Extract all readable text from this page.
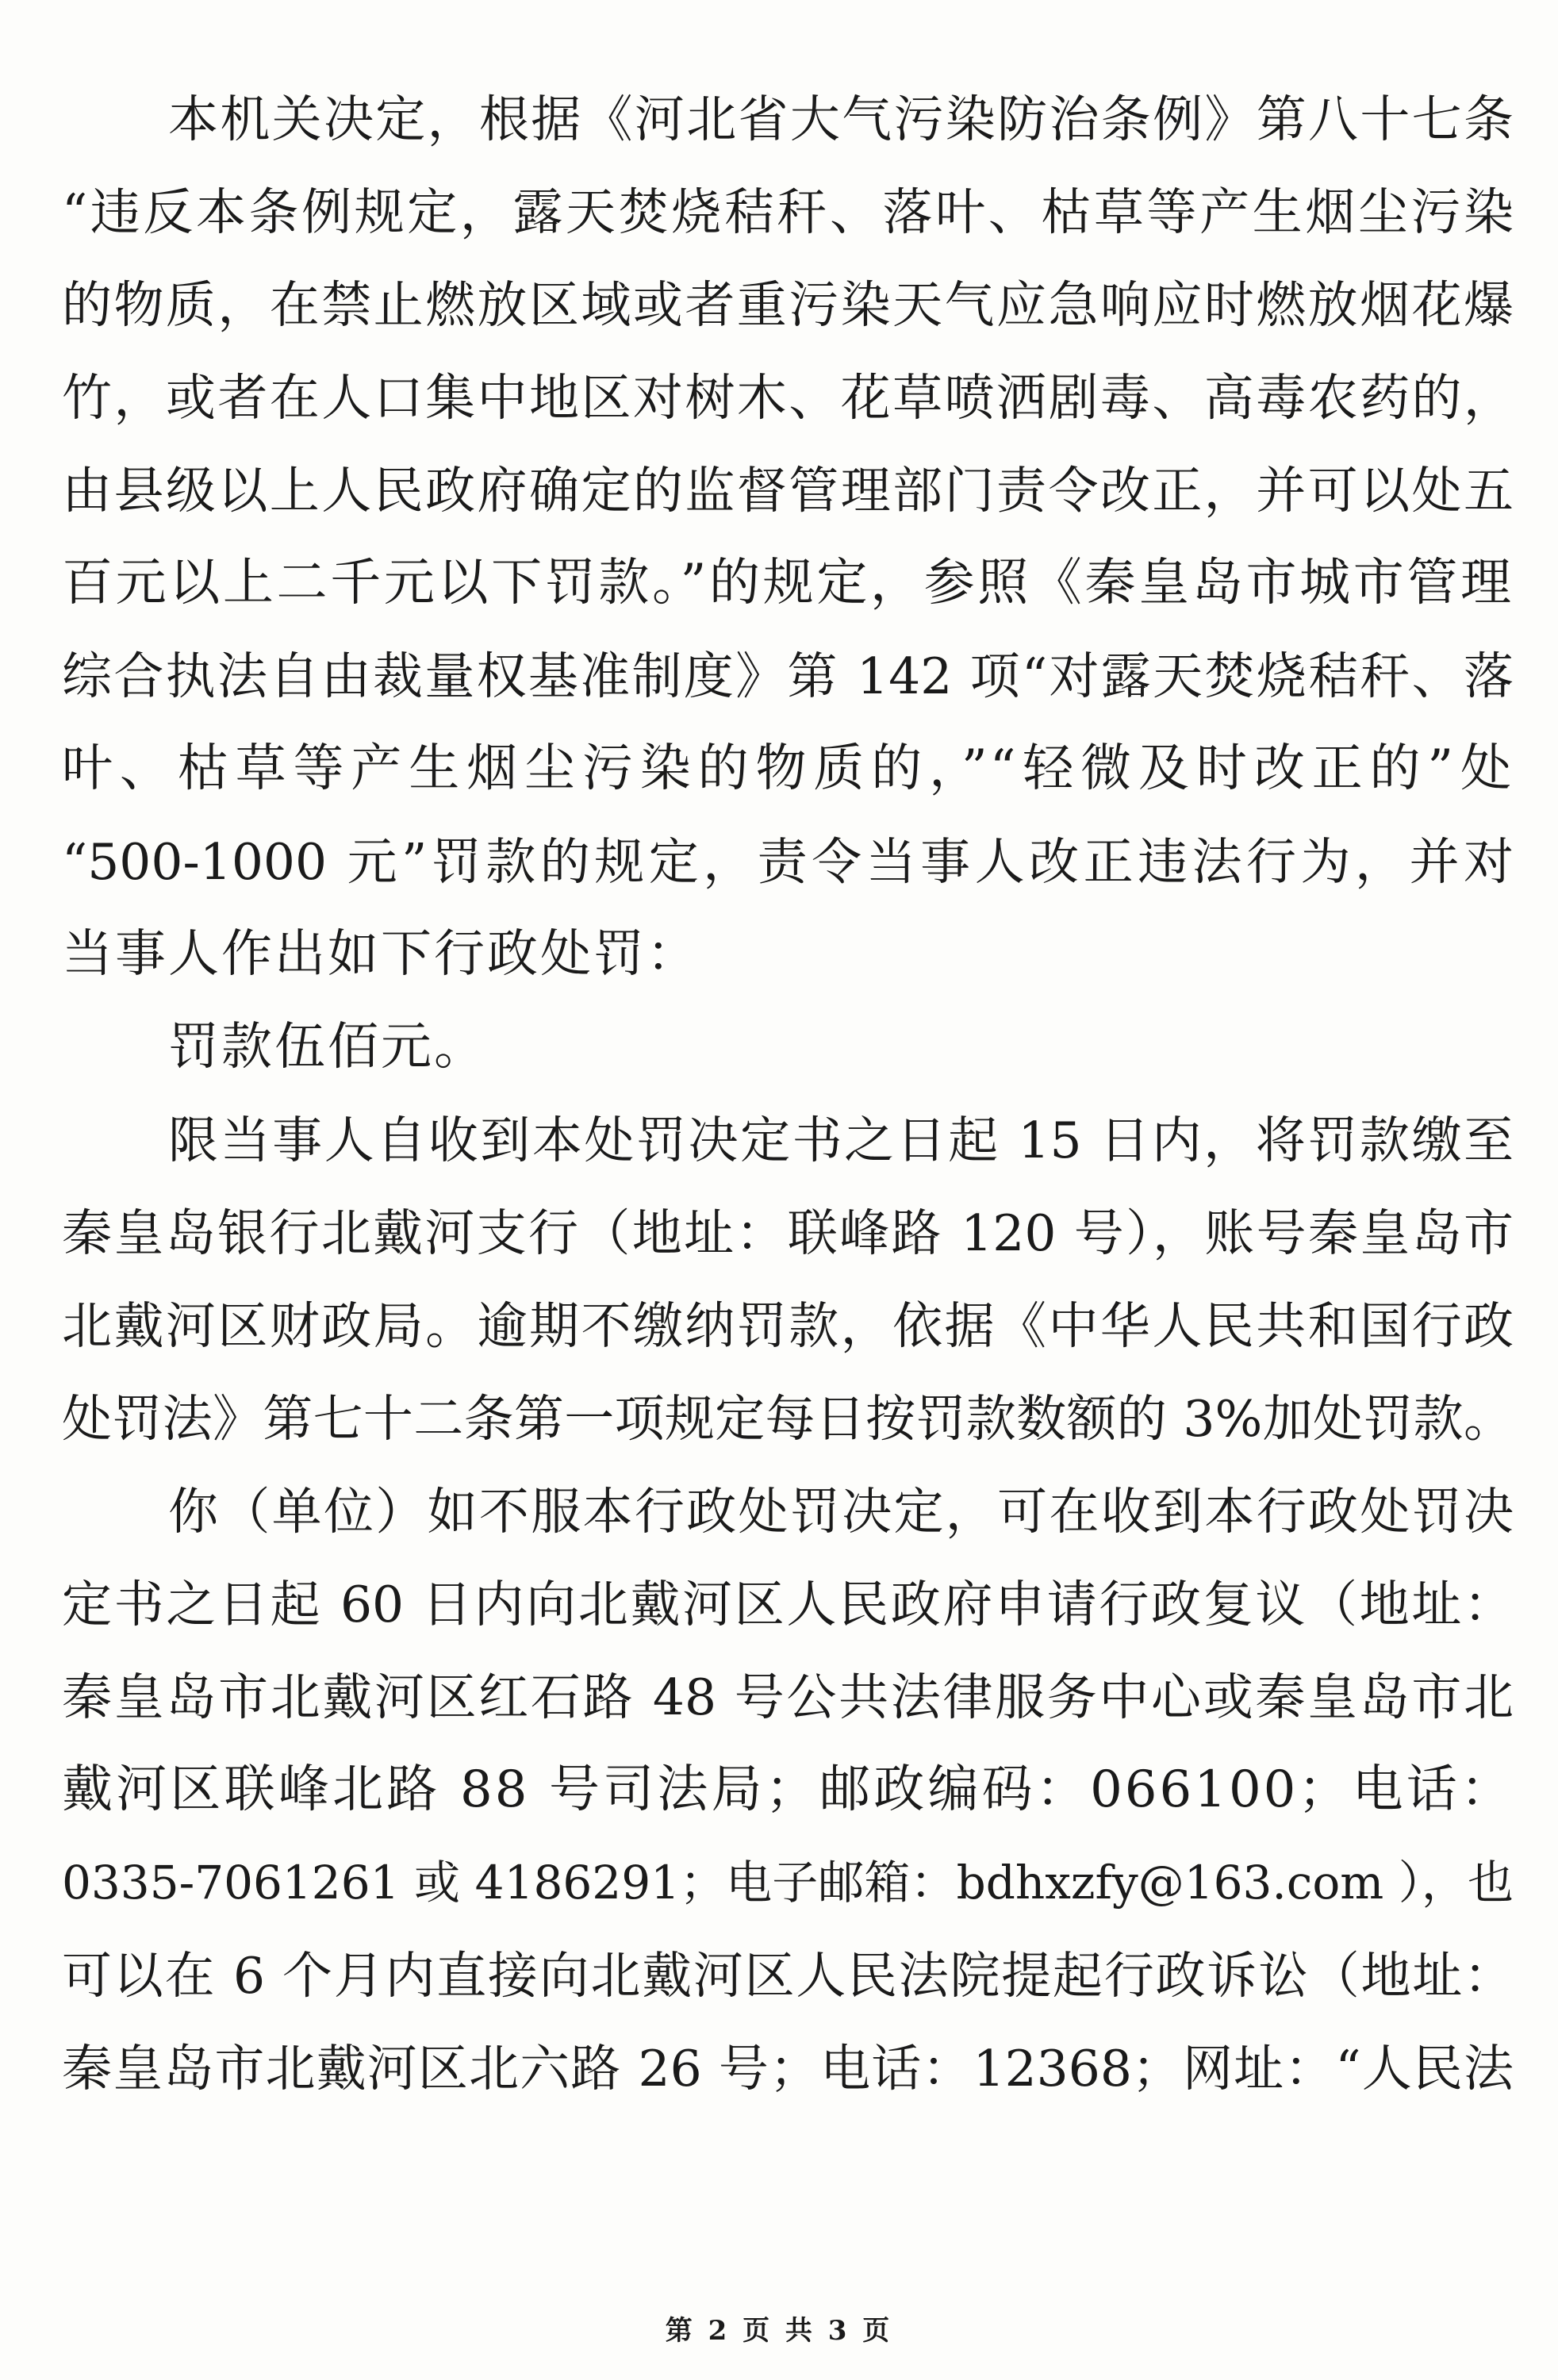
本机关决定，根据《河北省大气污染防治条例》第八十七条
“违反本条例规定，露天焚烧秸秆、落叶、枯草等产生烟尘污染
的物质，在禁止燃放区域或者重污染天气应急响应时燃放烟花爆
竹，或者在人口集中地区对树木、花草喷洒剧毒、高毒农药的，
由县级以上人民政府确定的监督管理部门责令改正，并可以处五
百元以上二千元以下罚款。”的规定，参照《秦皇岛市城市管理
综合执法自由裁量权基准制度》第 142 项“对露天焚烧秸秆、落
叶、枯草等产生烟尘污染的物质的，”“轻微及时改正的”处
“500-1000 元”罚款的规定，责令当事人改正违法行为，并对
当事人作出如下行政处罚：
罚款伍佰元。
限当事人自收到本处罚决定书之日起 15 日内，将罚款缴至
秦皇岛银行北戴河支行（地址：联峰路 120 号），账号秦皇岛市
北戴河区财政局。逾期不缴纳罚款，依据《中华人民共和国行政
处罚法》第七十二条第一项规定每日按罚款数额的 3%加处罚款。
你（单位）如不服本行政处罚决定，可在收到本行政处罚决
定书之日起 60 日内向北戴河区人民政府申请行政复议（地址：
秦皇岛市北戴河区红石路 48 号公共法律服务中心或秦皇岛市北
戴河区联峰北路 88 号司法局；邮政编码：066100；电话：
0335-7061261 或 4186291；电子邮箱：bdhxzfy@163.com ），也
可以在 6 个月内直接向北戴河区人民法院提起行政诉讼（地址：
秦皇岛市北戴河区北六路 26 号；电话：12368；网址：“人民法
第 2 页 共 3 页
